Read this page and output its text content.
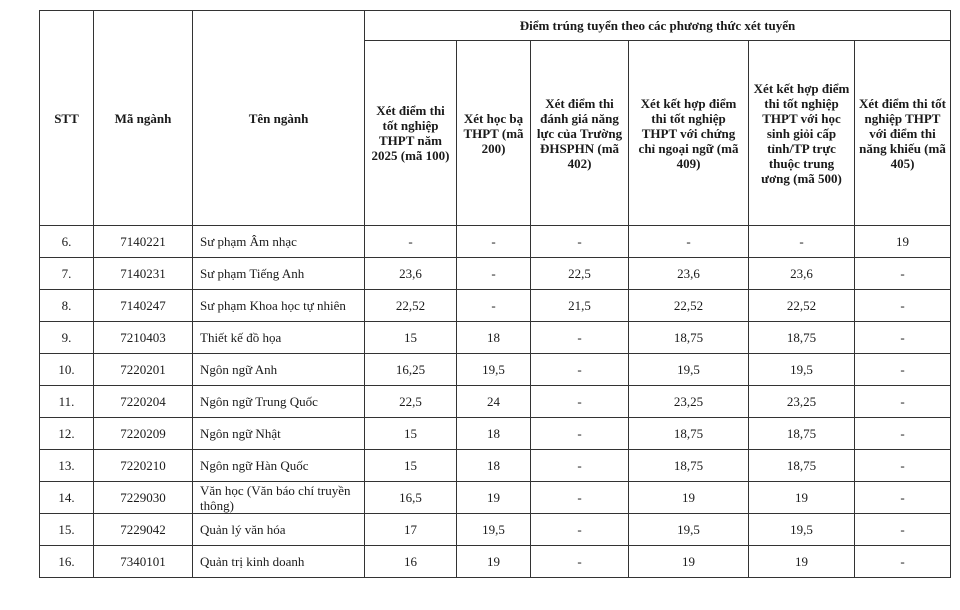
STT	Mã ngành	Tên ngành	Điểm trúng tuyển theo các phương thức xét tuyển					
			Xét điểm thi tốt nghiệp THPT năm 2025 (mã 100)	Xét học bạ THPT (mã 200)	Xét điểm thi đánh giá năng lực của Trường ĐHSPHN (mã 402)	Xét kết hợp điểm thi tốt nghiệp THPT với chứng chỉ ngoại ngữ (mã 409)	Xét kết hợp điểm thi tốt nghiệp THPT với học sinh giỏi cấp tỉnh/TP trực thuộc trung ương (mã 500)	Xét điểm thi tốt nghiệp THPT với điểm thi năng khiếu (mã 405)
6.	7140221	Sư phạm Âm nhạc	-	-	-	-	-	19
7.	7140231	Sư phạm Tiếng Anh	23,6	-	22,5	23,6	23,6	-
8.	7140247	Sư phạm Khoa học tự nhiên	22,52	-	21,5	22,52	22,52	-
9.	7210403	Thiết kế đồ họa	15	18	-	18,75	18,75	-
10.	7220201	Ngôn ngữ Anh	16,25	19,5	-	19,5	19,5	-
11.	7220204	Ngôn ngữ Trung Quốc	22,5	24	-	23,25	23,25	-
12.	7220209	Ngôn ngữ Nhật	15	18	-	18,75	18,75	-
13.	7220210	Ngôn ngữ Hàn Quốc	15	18	-	18,75	18,75	-
14.	7229030	Văn học (Văn báo chí truyền thông)	16,5	19	-	19	19	-
15.	7229042	Quản lý văn hóa	17	19,5	-	19,5	19,5	-
16.	7340101	Quản trị kinh doanh	16	19	-	19	19	-
